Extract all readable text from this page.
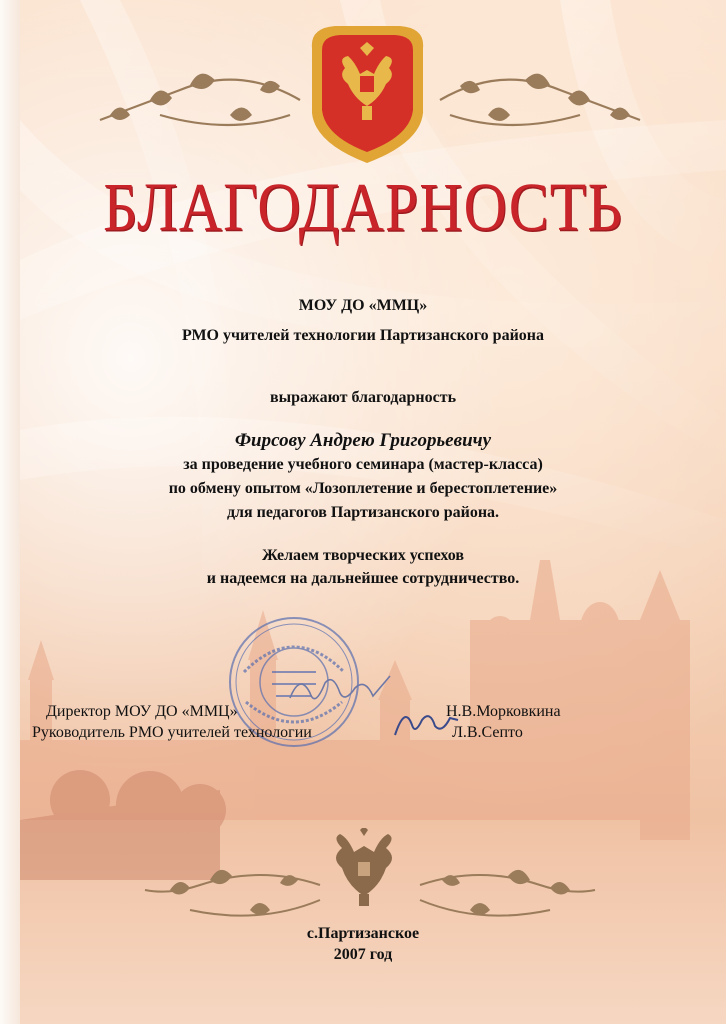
БЛАГОДАРНОСТЬ
МОУ ДО «ММЦ»
РМО учителей технологии Партизанского района
выражают благодарность
Фирсову Андрею Григорьевичу
за проведение учебного семинара (мастер-класса)
по обмену опытом «Лозоплетение и берестоплетение»
для педагогов Партизанского района.
Желаем творческих успехов
и надеемся на дальнейшее сотрудничество.
Директор МОУ ДО «ММЦ»	Н.В.Морковкина
Руководитель РМО учителей технологии	Л.В.Септо
с.Партизанское
2007 год
